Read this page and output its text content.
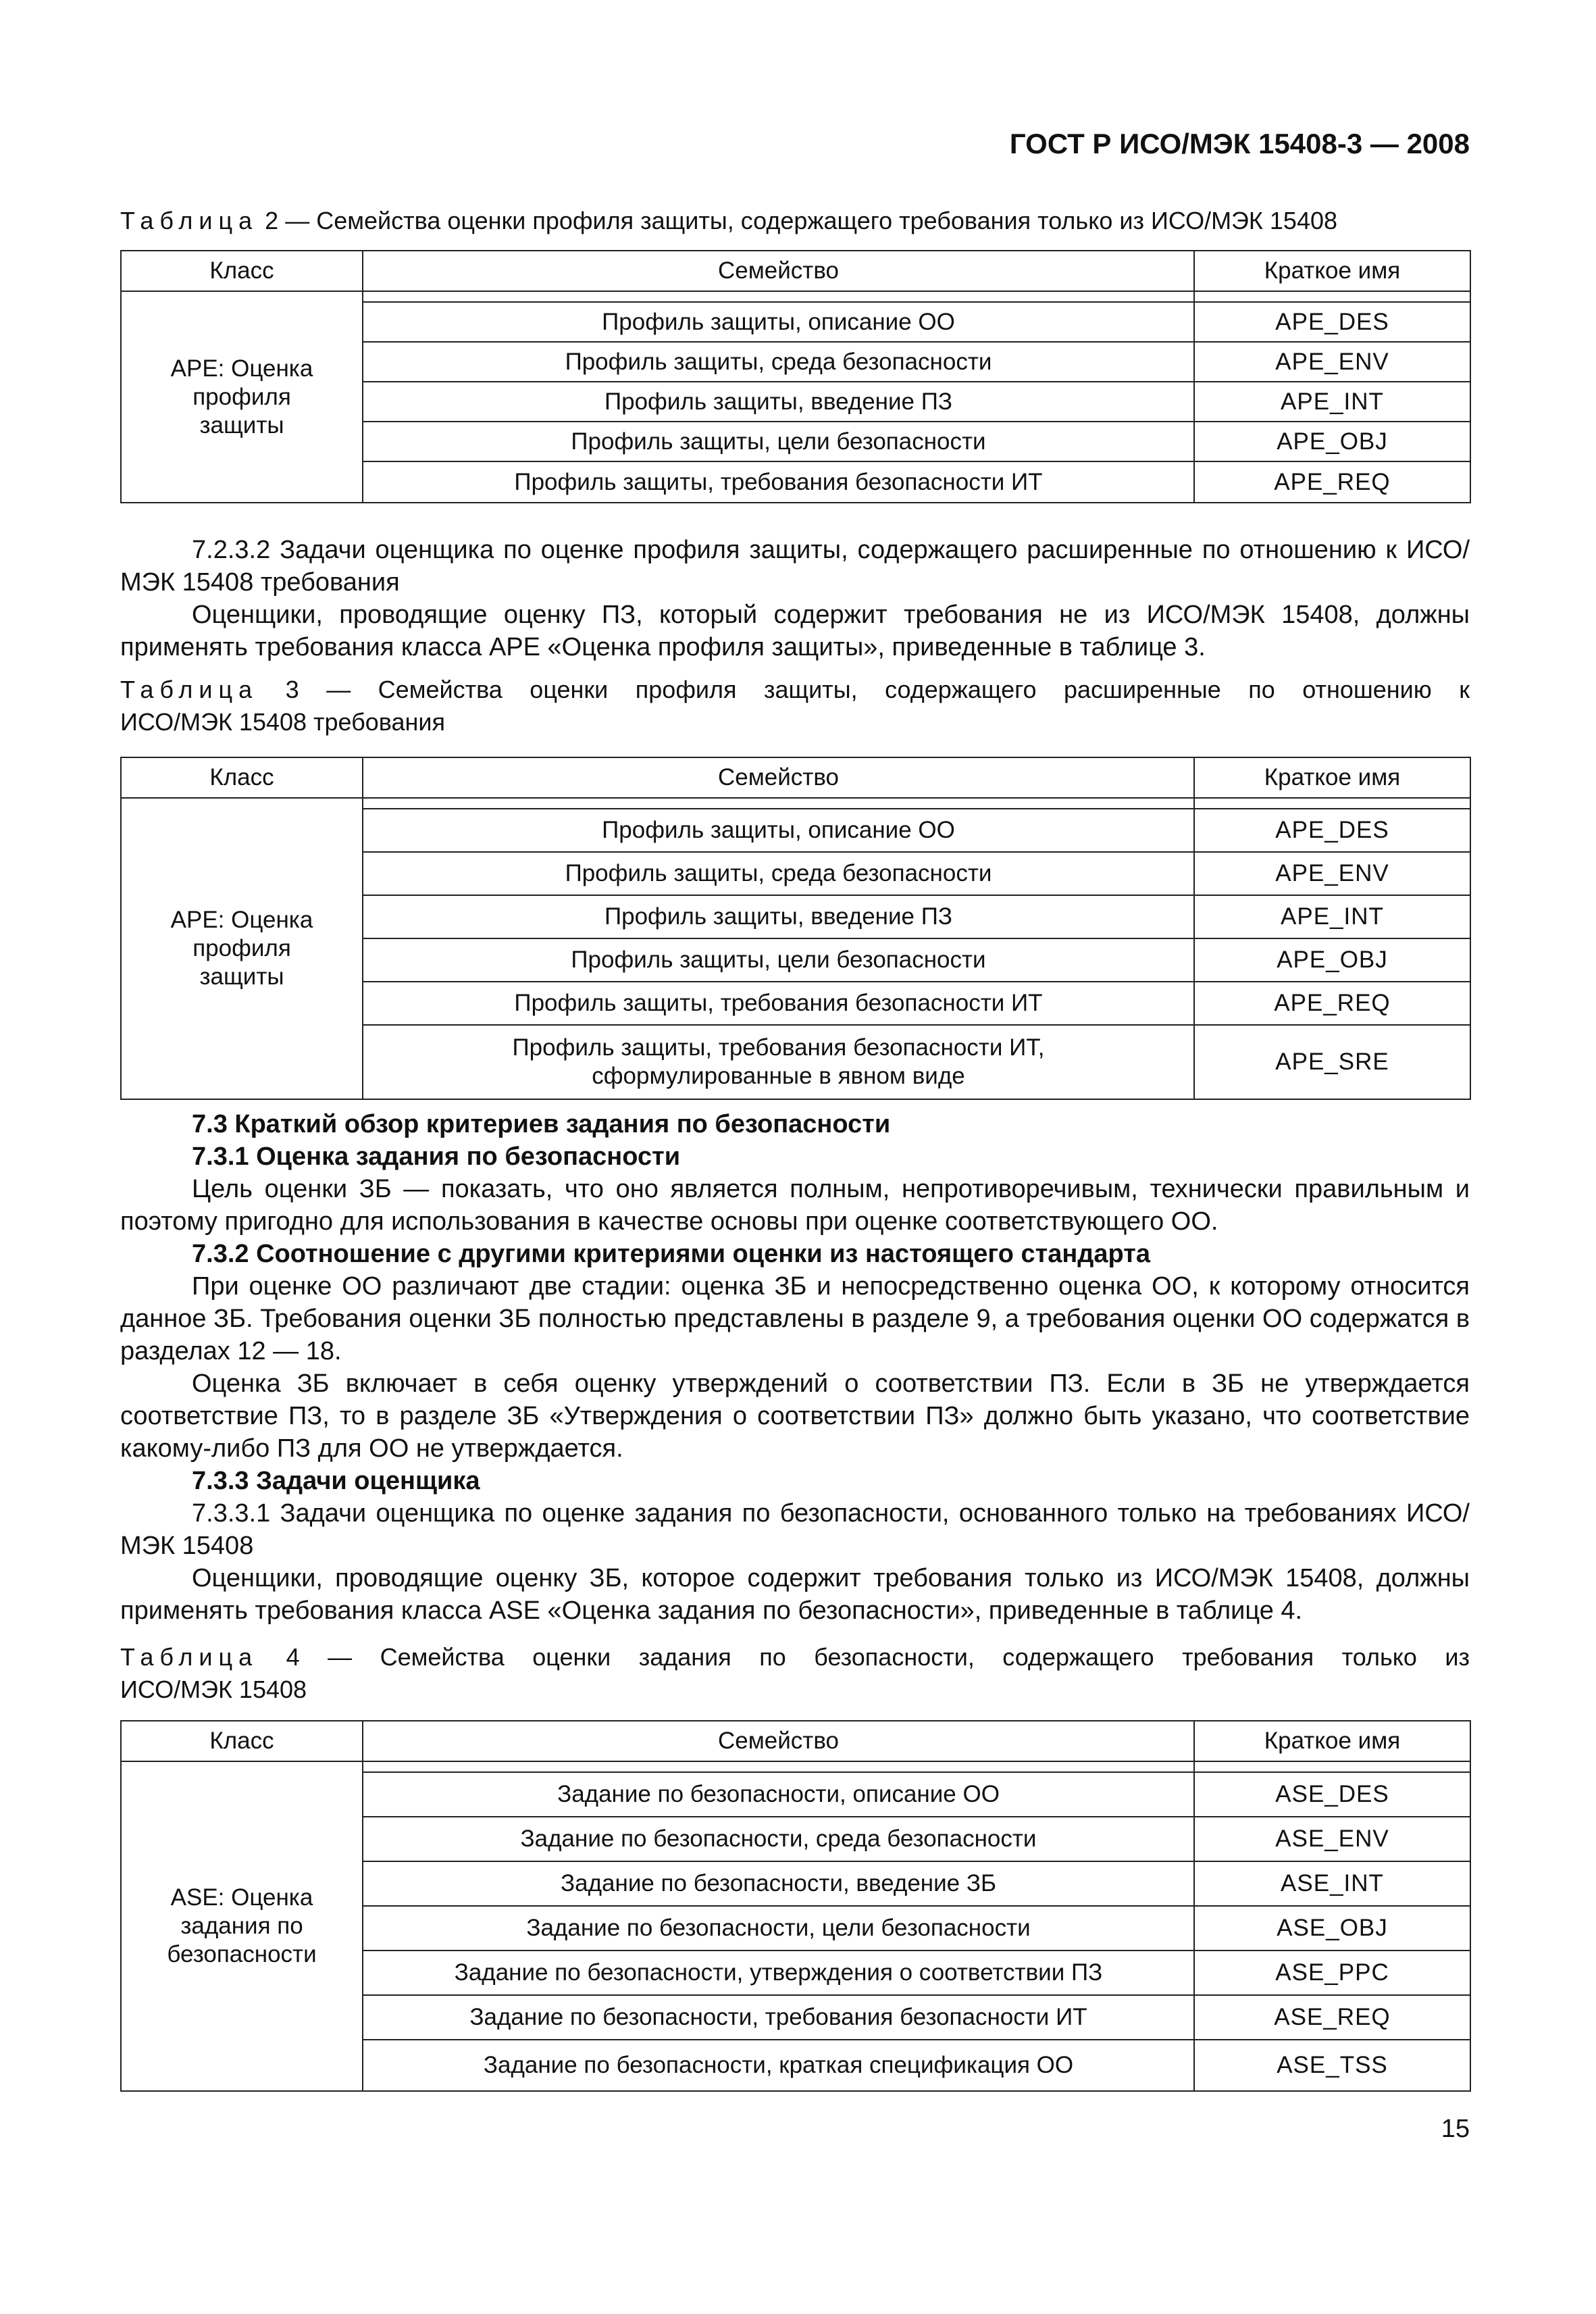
ГОСТ Р ИСО/МЭК 15408-3 — 2008
Таблица 2 — Семейства оценки профиля защиты, содержащего требования только из ИСО/МЭК 15408
Класс	Семейство	Краткое имя
APE: Оценка профиля защиты		
	Профиль защиты, описание ОО	APE_DES
	Профиль защиты, среда безопасности	APE_ENV
	Профиль защиты, введение ПЗ	APE_INT
	Профиль защиты, цели безопасности	APE_OBJ
	Профиль защиты, требования безопасности ИТ	APE_REQ
7.2.3.2 Задачи оценщика по оценке профиля защиты, содержащего расширенные по отношению к ИСО/МЭК 15408 требования
Оценщики, проводящие оценку ПЗ, который содержит требования не из ИСО/МЭК 15408, должны применять требования класса APE «Оценка профиля защиты», приведенные в таблице 3.
Таблица 3 — Семейства оценки профиля защиты, содержащего расширенные по отношению к
ИСО/МЭК 15408 требования
Класс	Семейство	Краткое имя
APE: Оценка профиля защиты		
	Профиль защиты, описание ОО	APE_DES
	Профиль защиты, среда безопасности	APE_ENV
	Профиль защиты, введение ПЗ	APE_INT
	Профиль защиты, цели безопасности	APE_OBJ
	Профиль защиты, требования безопасности ИТ	APE_REQ
	Профиль защиты, требования безопасности ИТ, сформулированные в явном виде	APE_SRE
7.3 Краткий обзор критериев задания по безопасности
7.3.1 Оценка задания по безопасности
Цель оценки ЗБ — показать, что оно является полным, непротиворечивым, технически правильным и поэтому пригодно для использования в качестве основы при оценке соответствующего ОО.
7.3.2 Соотношение с другими критериями оценки из настоящего стандарта
При оценке ОО различают две стадии: оценка ЗБ и непосредственно оценка ОО, к которому относится данное ЗБ. Требования оценки ЗБ полностью представлены в разделе 9, а требования оценки ОО содержатся в разделах 12 — 18.
Оценка ЗБ включает в себя оценку утверждений о соответствии ПЗ. Если в ЗБ не утверждается соответствие ПЗ, то в разделе ЗБ «Утверждения о соответствии ПЗ» должно быть указано, что соответствие какому-либо ПЗ для ОО не утверждается.
7.3.3 Задачи оценщика
7.3.3.1 Задачи оценщика по оценке задания по безопасности, основанного только на требованиях ИСО/МЭК 15408
Оценщики, проводящие оценку ЗБ, которое содержит требования только из ИСО/МЭК 15408, должны применять требования класса ASE «Оценка задания по безопасности», приведенные в таблице 4.
Таблица 4 — Семейства оценки задания по безопасности, содержащего требования только из
ИСО/МЭК 15408
Класс	Семейство	Краткое имя
ASE: Оценка задания по безопасности		
	Задание по безопасности, описание ОО	ASE_DES
	Задание по безопасности, среда безопасности	ASE_ENV
	Задание по безопасности, введение ЗБ	ASE_INT
	Задание по безопасности, цели безопасности	ASE_OBJ
	Задание по безопасности, утверждения о соответствии ПЗ	ASE_PPC
	Задание по безопасности, требования безопасности ИТ	ASE_REQ
	Задание по безопасности, краткая спецификация ОО	ASE_TSS
15
